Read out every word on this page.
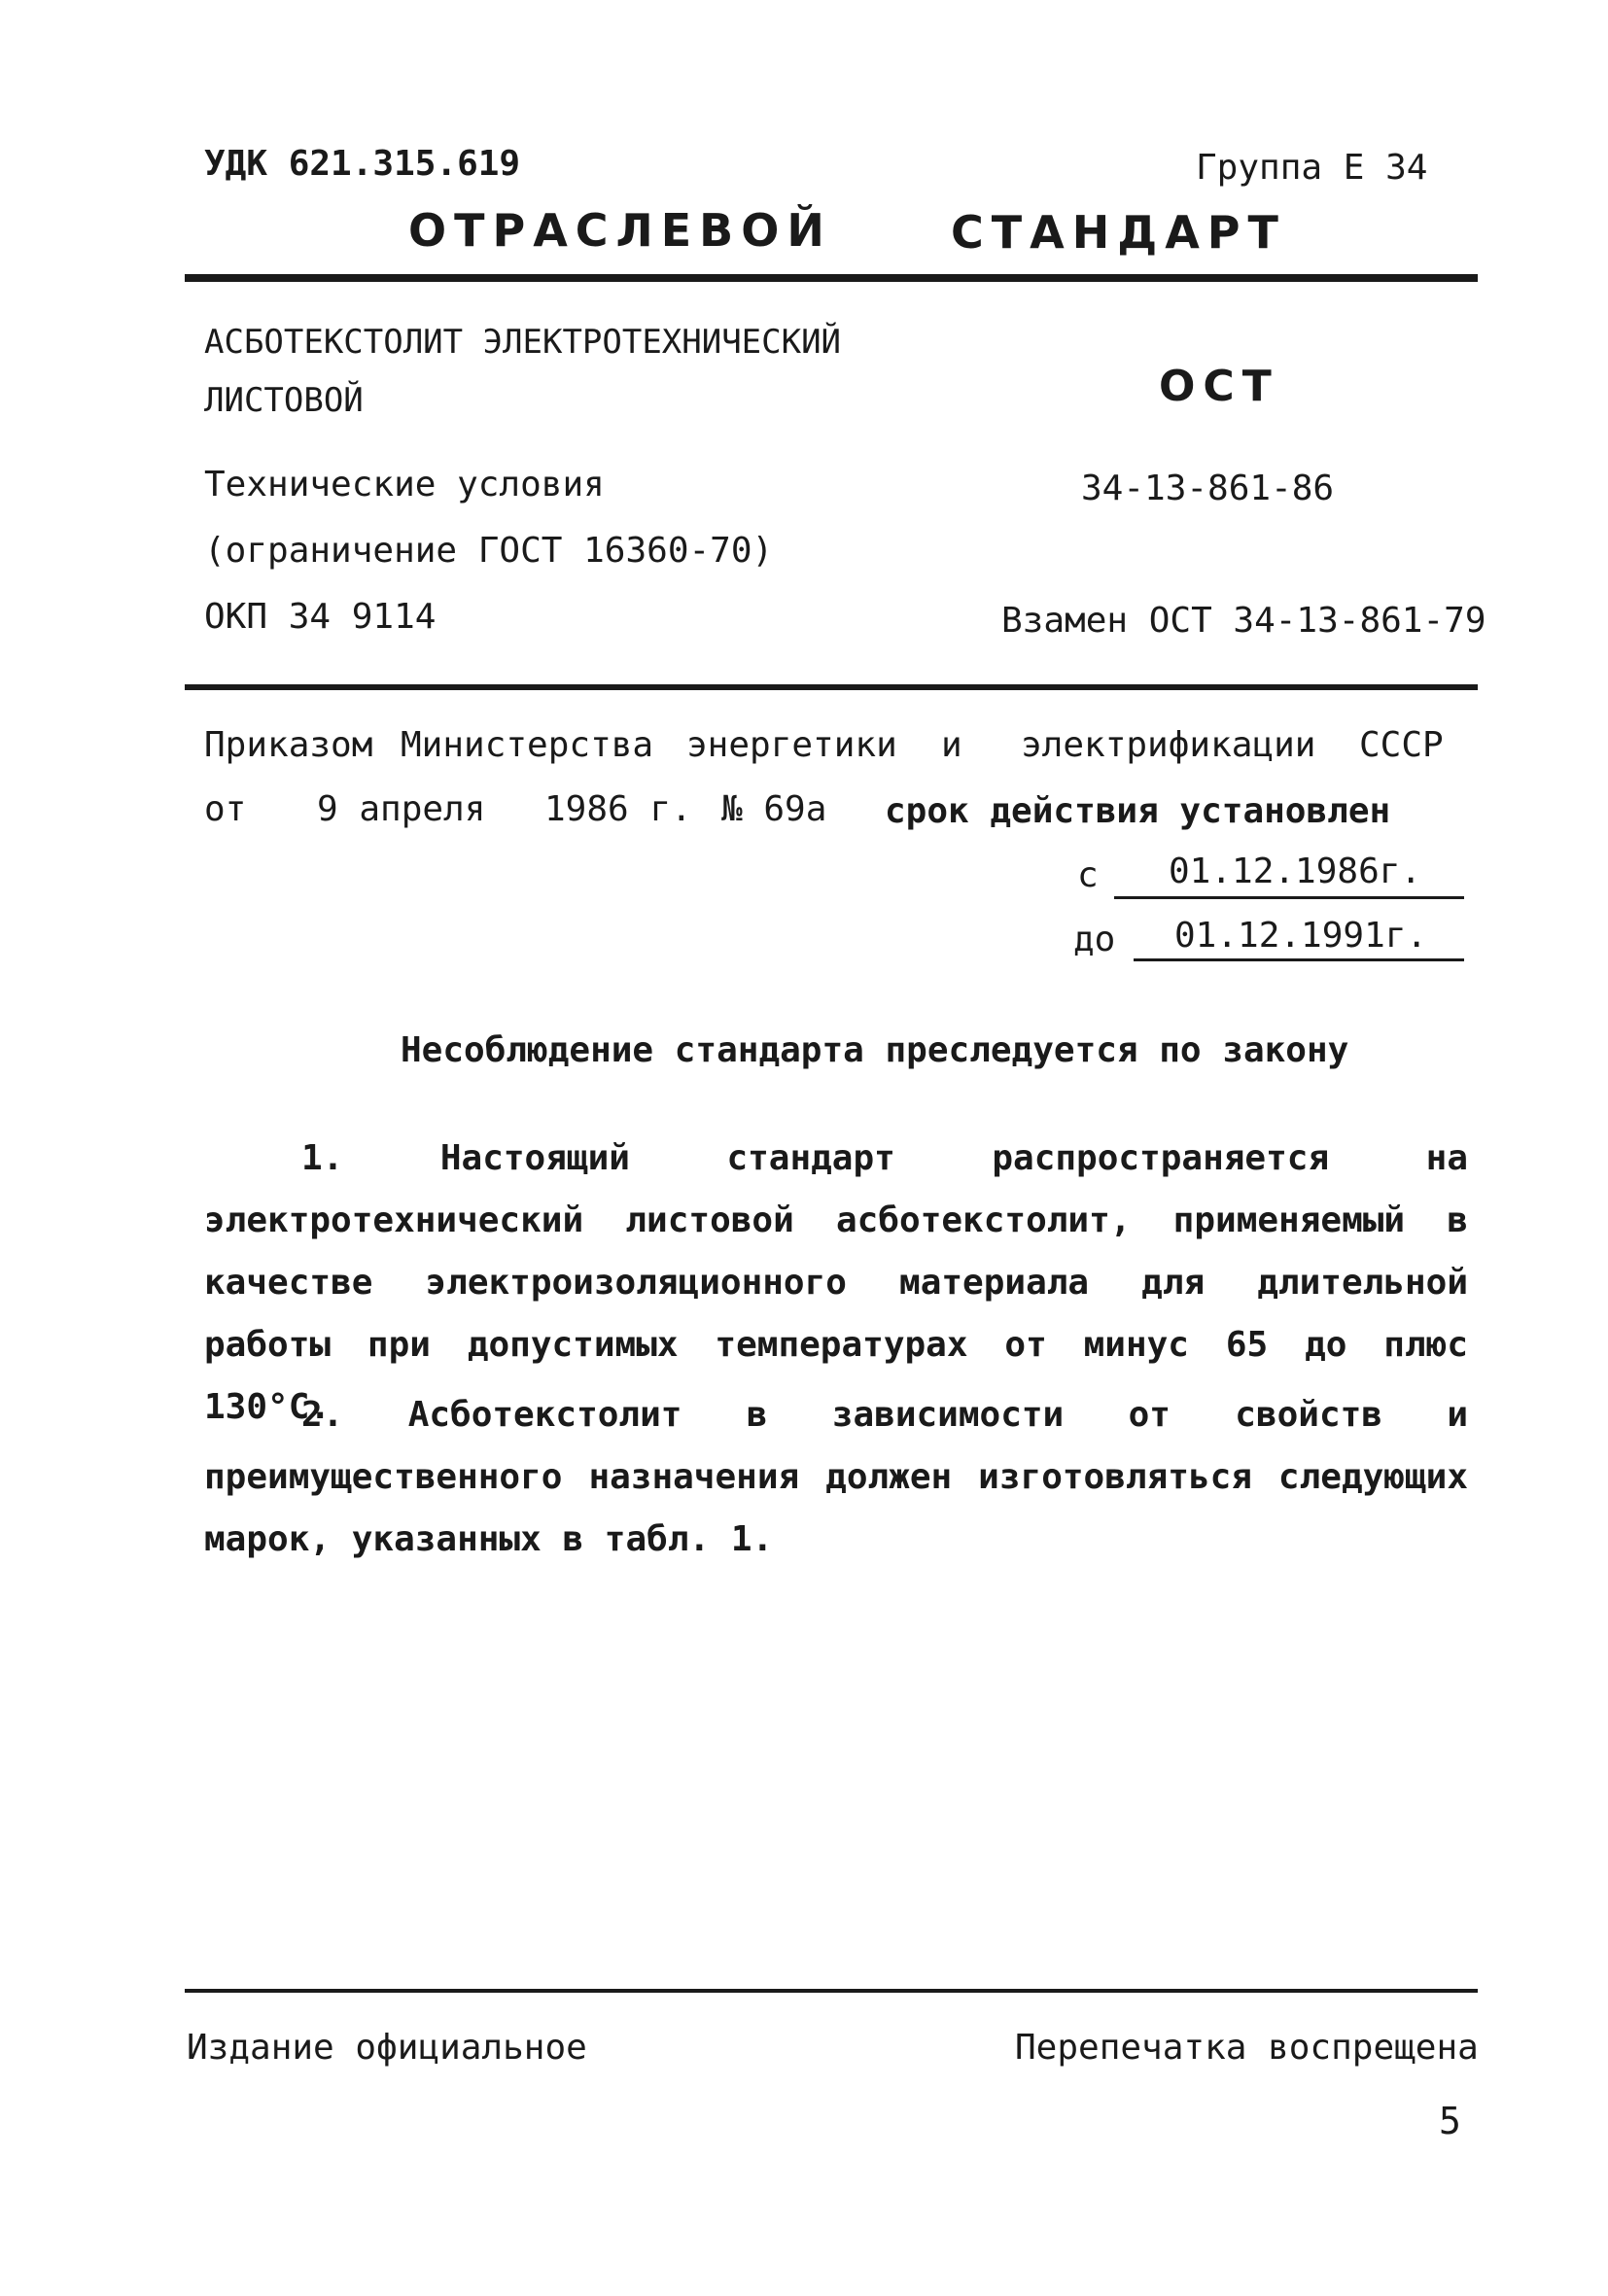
УДК 621.315.619	Группа Е 34
ОТРАСЛЕВОЙ	СТАНДАРТ
АСБОТЕКСТОЛИТ ЭЛЕКТРОТЕХНИЧЕСКИЙ
ЛИСТОВОЙ	ОСТ
Технические условия	34-13-861-86
(ограничение ГОСТ 16360-70)
ОКП 34 9114	Взамен ОСТ 34-13-861-79
Приказом Министерства энергетики и электрификации СССР
от 9 апреля 1986 г. № 69а срок действия установлен
с 01.12.1986г.
до 01.12.1991г.
Несоблюдение стандарта преследуется по закону
1. Настоящий стандарт распространяется на электротехнический листовой асботекстолит, применяемый в качестве электроизоляционного материала для длительной работы при допустимых температурах от минус 65 до плюс 130°С.
2. Асботекстолит в зависимости от свойств и преимущественного назначения должен изготовляться следующих марок, указанных в табл. 1.
Издание официальное	Перепечатка воспрещена
5
